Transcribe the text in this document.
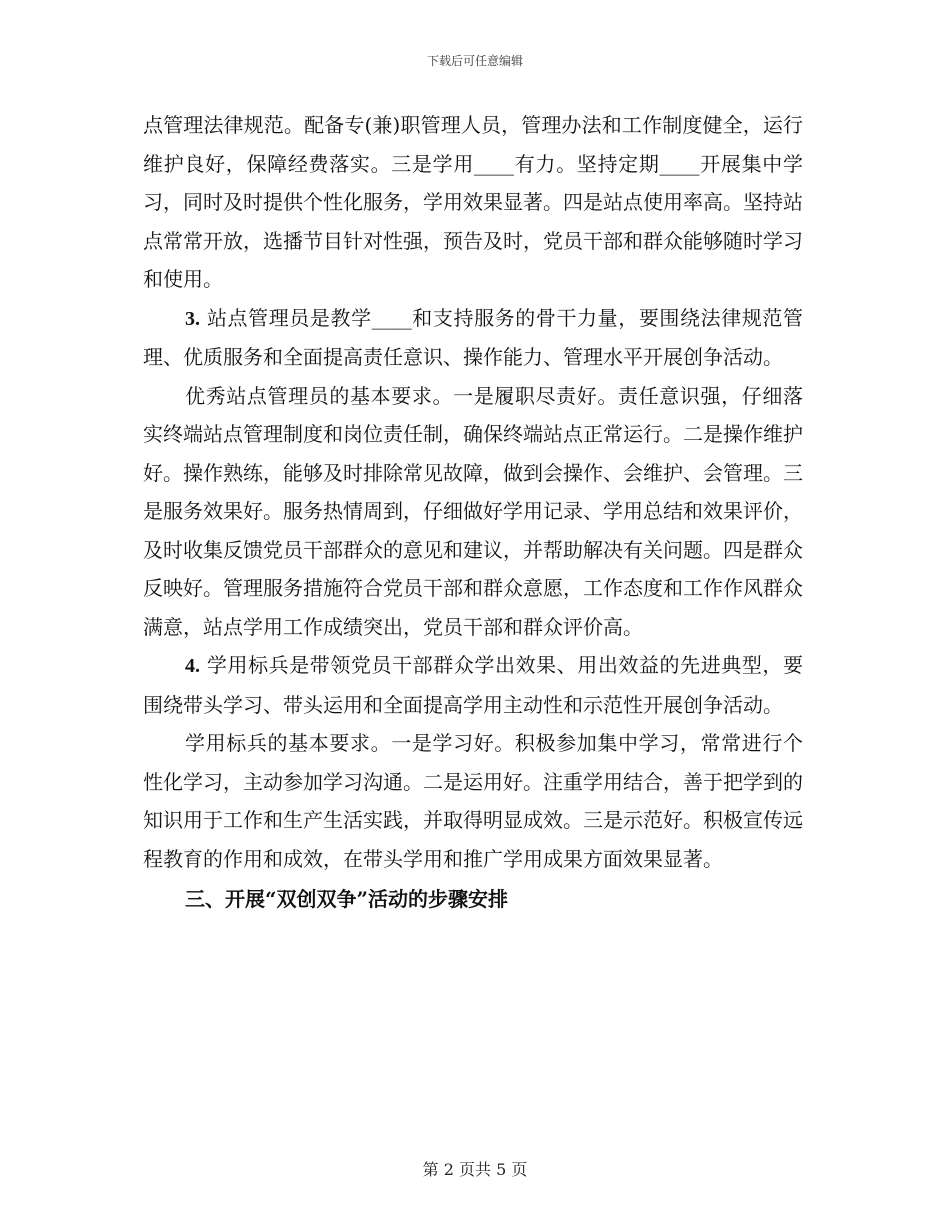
下载后可任意编辑

点管理法律规范。配备专(兼)职管理人员，管理办法和工作制度健全，运行维护良好，保障经费落实。三是学用____有力。坚持定期____开展集中学习，同时及时提供个性化服务，学用效果显著。四是站点使用率高。坚持站点常常开放，选播节目针对性强，预告及时，党员干部和群众能够随时学习和使用。

3. 站点管理员是教学____和支持服务的骨干力量，要围绕法律规范管理、优质服务和全面提高责任意识、操作能力、管理水平开展创争活动。

优秀站点管理员的基本要求。一是履职尽责好。责任意识强，仔细落实终端站点管理制度和岗位责任制，确保终端站点正常运行。二是操作维护好。操作熟练，能够及时排除常见故障，做到会操作、会维护、会管理。三是服务效果好。服务热情周到，仔细做好学用记录、学用总结和效果评价，及时收集反馈党员干部群众的意见和建议，并帮助解决有关问题。四是群众反映好。管理服务措施符合党员干部和群众意愿，工作态度和工作作风群众满意，站点学用工作成绩突出，党员干部和群众评价高。

4. 学用标兵是带领党员干部群众学出效果、用出效益的先进典型，要围绕带头学习、带头运用和全面提高学用主动性和示范性开展创争活动。

学用标兵的基本要求。一是学习好。积极参加集中学习，常常进行个性化学习，主动参加学习沟通。二是运用好。注重学用结合，善于把学到的知识用于工作和生产生活实践，并取得明显成效。三是示范好。积极宣传远程教育的作用和成效，在带头学用和推广学用成果方面效果显著。

三、开展“双创双争”活动的步骤安排

第 2 页共 5 页
